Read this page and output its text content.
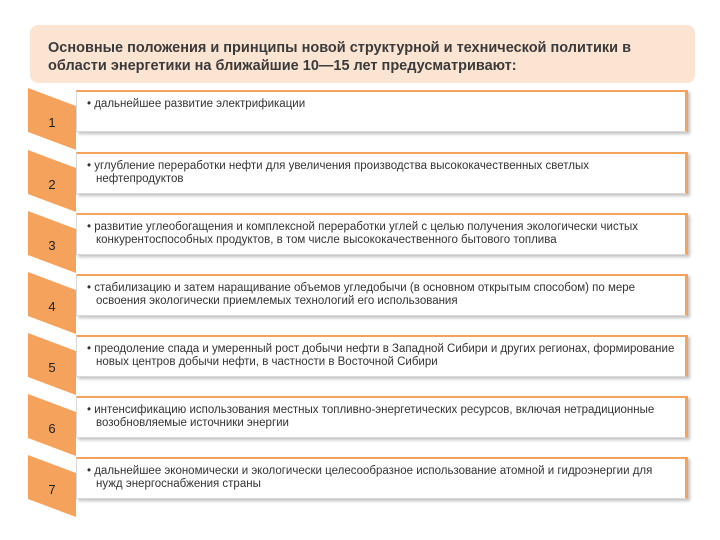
Основные положения и принципы новой структурной и технической политики в области энергетики на ближайшие 10—15 лет предусматривают:

1

• дальнейшее развитие электрификации

2

• углубление переработки нефти для увеличения производства высококачественных светлых нефтепродуктов

3

• развитие углеобогащения и комплексной переработки углей с целью получения экологически чистых конкурентоспособных продуктов, в том числе высококачественного бытового топлива

4

• стабилизацию и затем наращивание объемов угледобычи (в основном открытым способом) по мере освоения экологически приемлемых технологий его использования

5

• преодоление спада и умеренный рост добычи нефти в Западной Сибири и других регионах, формирование новых центров добычи нефти, в частности в Восточной Сибири

6

• интенсификацию использования местных топливно-энергетических ресурсов, включая нетрадиционные возобновляемые источники энергии

7

• дальнейшее экономически и экологически целесообразное использование атомной и гидроэнергии для нужд энергоснабжения страны
